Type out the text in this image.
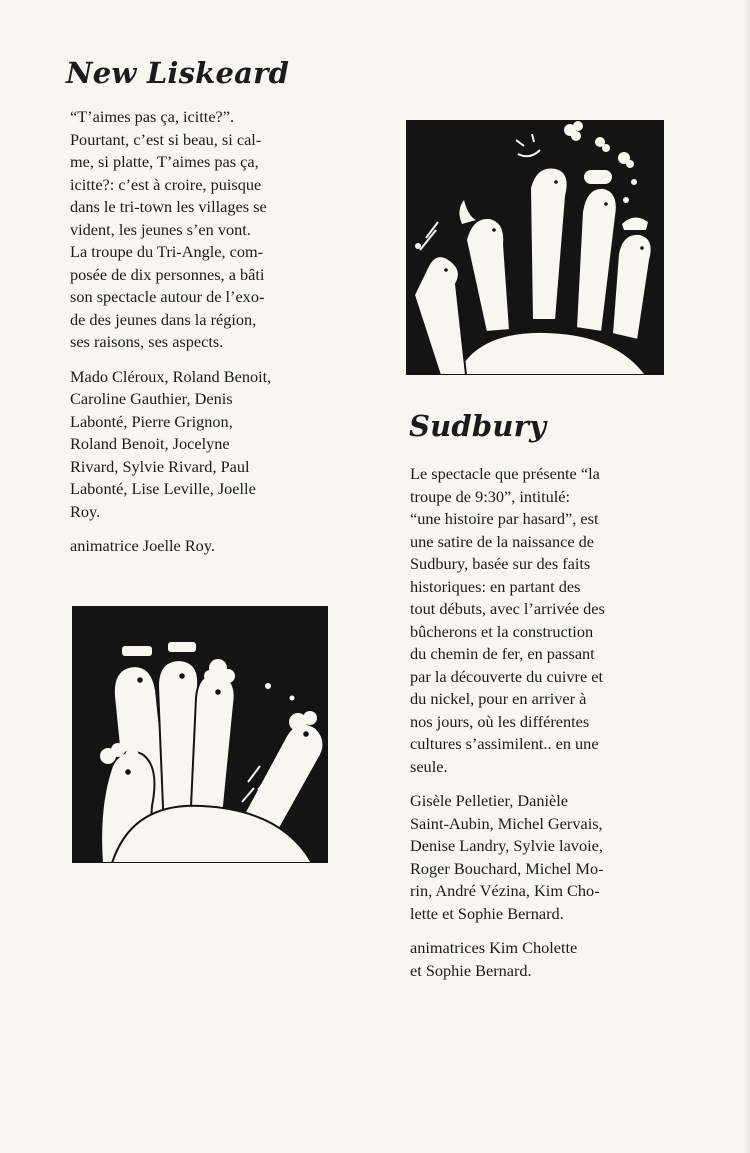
New Liskeard

“T’aimes pas ça, icitte?”.
Pourtant, c’est si beau, si cal-
me, si platte, T’aimes pas ça,
icitte?: c’est à croire, puisque
dans le tri-town les villages se
vident, les jeunes s’en vont.
La troupe du Tri-Angle, com-
posée de dix personnes, a bâti
son spectacle autour de l’exo-
de des jeunes dans la région,
ses raisons, ses aspects.

Mado Cléroux, Roland Benoit,
Caroline Gauthier, Denis
Labonté, Pierre Grignon,
Roland Benoit, Jocelyne
Rivard, Sylvie Rivard, Paul
Labonté, Lise Leville, Joelle
Roy.

animatrice Joelle Roy.

Sudbury

Le spectacle que présente “la
troupe de 9:30”, intitulé:
“une histoire par hasard”, est
une satire de la naissance de
Sudbury, basée sur des faits
historiques: en partant des
tout débuts, avec l’arrivée des
bûcherons et la construction
du chemin de fer, en passant
par la découverte du cuivre et
du nickel, pour en arriver à
nos jours, où les différentes
cultures s’assimilent.. en une
seule.

Gisèle Pelletier, Danièle
Saint-Aubin, Michel Gervais,
Denise Landry, Sylvie lavoie,
Roger Bouchard, Michel Mo-
rin, André Vézina, Kim Cho-
lette et Sophie Bernard.

animatrices Kim Cholette
et Sophie Bernard.
